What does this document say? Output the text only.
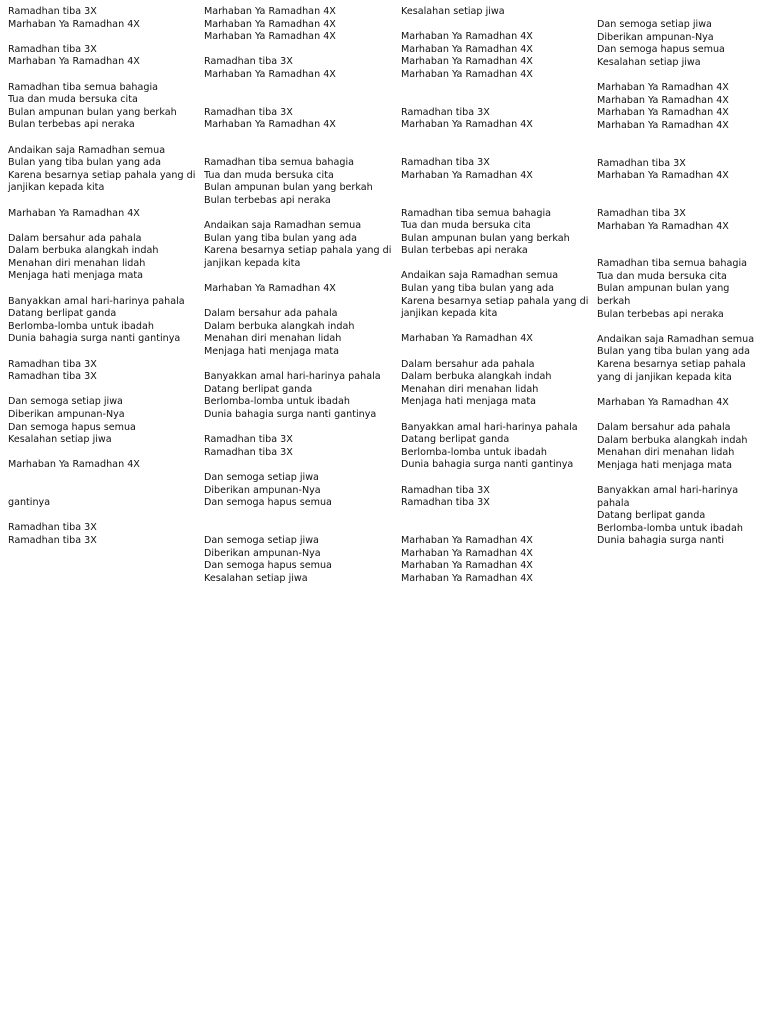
Ramadhan tiba 3X
Marhaban Ya Ramadhan 4X
Ramadhan tiba 3X
Marhaban Ya Ramadhan 4X
Ramadhan tiba semua bahagia
Tua dan muda bersuka cita
Bulan ampunan bulan yang berkah
Bulan terbebas api neraka
Andaikan saja Ramadhan semua
Bulan yang tiba bulan yang ada
Karena besarnya setiap pahala yang di janjikan kepada kita
Marhaban Ya Ramadhan 4X
Dalam bersahur ada pahala
Dalam berbuka alangkah indah
Menahan diri menahan lidah
Menjaga hati menjaga mata
Banyakkan amal hari-harinya pahala
Datang berlipat ganda
Berlomba-lomba untuk ibadah
Dunia bahagia surga nanti gantinya
Ramadhan tiba 3X
Ramadhan tiba 3X
Dan semoga setiap jiwa
Diberikan ampunan-Nya
Dan semoga hapus semua
Kesalahan setiap jiwa
Marhaban Ya Ramadhan 4X
gantinya
Ramadhan tiba 3X
Ramadhan tiba 3X
Marhaban Ya Ramadhan 4X
Marhaban Ya Ramadhan 4X
Marhaban Ya Ramadhan 4X
Ramadhan tiba 3X
Marhaban Ya Ramadhan 4X
Ramadhan tiba 3X
Marhaban Ya Ramadhan 4X
Ramadhan tiba semua bahagia
Tua dan muda bersuka cita
Bulan ampunan bulan yang berkah
Bulan terbebas api neraka
Andaikan saja Ramadhan semua
Bulan yang tiba bulan yang ada
Karena besarnya setiap pahala yang di janjikan kepada kita
Marhaban Ya Ramadhan 4X
Dalam bersahur ada pahala
Dalam berbuka alangkah indah
Menahan diri menahan lidah
Menjaga hati menjaga mata
Banyakkan amal hari-harinya pahala
Datang berlipat ganda
Berlomba-lomba untuk ibadah
Dunia bahagia surga nanti gantinya
Ramadhan tiba 3X
Ramadhan tiba 3X
Dan semoga setiap jiwa
Diberikan ampunan-Nya
Dan semoga hapus semua
Dan semoga setiap jiwa
Diberikan ampunan-Nya
Dan semoga hapus semua
Kesalahan setiap jiwa
Kesalahan setiap jiwa
Marhaban Ya Ramadhan 4X
Marhaban Ya Ramadhan 4X
Marhaban Ya Ramadhan 4X
Marhaban Ya Ramadhan 4X
Ramadhan tiba 3X
Marhaban Ya Ramadhan 4X
Ramadhan tiba 3X
Marhaban Ya Ramadhan 4X
Ramadhan tiba semua bahagia
Tua dan muda bersuka cita
Bulan ampunan bulan yang berkah
Bulan terbebas api neraka
Andaikan saja Ramadhan semua
Bulan yang tiba bulan yang ada
Karena besarnya setiap pahala yang di janjikan kepada kita
Marhaban Ya Ramadhan 4X
Dalam bersahur ada pahala
Dalam berbuka alangkah indah
Menahan diri menahan lidah
Menjaga hati menjaga mata
Banyakkan amal hari-harinya pahala
Datang berlipat ganda
Berlomba-lomba untuk ibadah
Dunia bahagia surga nanti gantinya
Ramadhan tiba 3X
Ramadhan tiba 3X
Marhaban Ya Ramadhan 4X
Marhaban Ya Ramadhan 4X
Marhaban Ya Ramadhan 4X
Marhaban Ya Ramadhan 4X
Dan semoga setiap jiwa
Diberikan ampunan-Nya
Dan semoga hapus semua
Kesalahan setiap jiwa
Marhaban Ya Ramadhan 4X
Marhaban Ya Ramadhan 4X
Marhaban Ya Ramadhan 4X
Marhaban Ya Ramadhan 4X
Ramadhan tiba 3X
Marhaban Ya Ramadhan 4X
Ramadhan tiba 3X
Marhaban Ya Ramadhan 4X
Ramadhan tiba semua bahagia
Tua dan muda bersuka cita
Bulan ampunan bulan yang berkah
Bulan terbebas api neraka
Andaikan saja Ramadhan semua
Bulan yang tiba bulan yang ada
Karena besarnya setiap pahala yang di janjikan kepada kita
Marhaban Ya Ramadhan 4X
Dalam bersahur ada pahala
Dalam berbuka alangkah indah
Menahan diri menahan lidah
Menjaga hati menjaga mata
Banyakkan amal hari-harinya pahala
Datang berlipat ganda
Berlomba-lomba untuk ibadah
Dunia bahagia surga nanti
